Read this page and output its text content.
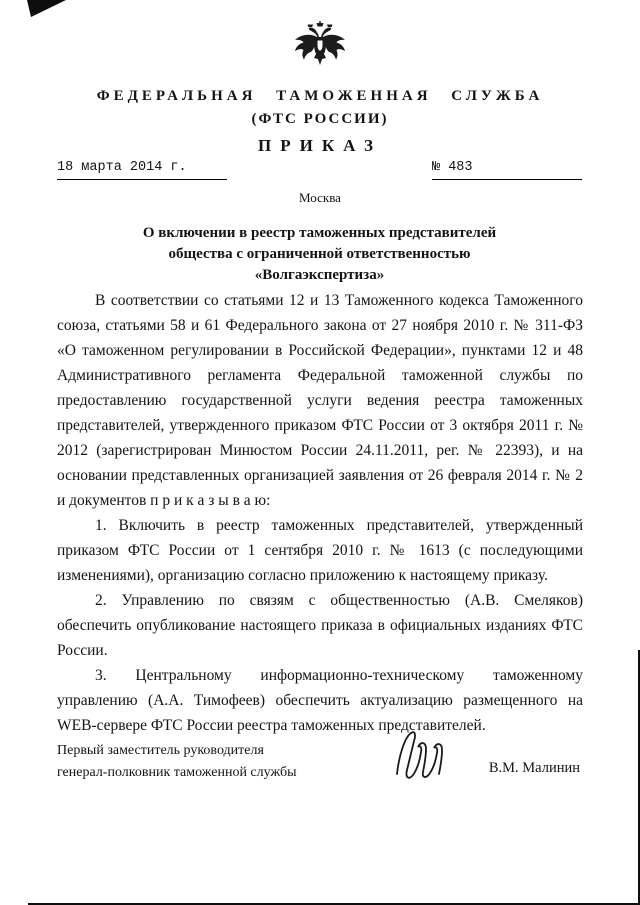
ФЕДЕРАЛЬНАЯ ТАМОЖЕННАЯ СЛУЖБА
(ФТС РОССИИ)
ПРИКАЗ
18 марта 2014 г.	№ 483
Москва
О включении в реестр таможенных представителей
общества с ограниченной ответственностью
«Волгаэкспертиза»

В соответствии со статьями 12 и 13 Таможенного кодекса Таможенного союза, статьями 58 и 61 Федерального закона от 27 ноября 2010 г. № 311-ФЗ «О таможенном регулировании в Российской Федерации», пунктами 12 и 48 Административного регламента Федеральной таможенной службы по предоставлению государственной услуги ведения реестра таможенных представителей, утвержденного приказом ФТС России от 3 октября 2011 г. № 2012 (зарегистрирован Минюстом России 24.11.2011, рег. № 22393), и на основании представленных организацией заявления от 26 февраля 2014 г. № 2 и документов п р и к а з ы в а ю:

1. Включить в реестр таможенных представителей, утвержденный приказом ФТС России от 1 сентября 2010 г. № 1613 (с последующими изменениями), организацию согласно приложению к настоящему приказу.

2. Управлению по связям с общественностью (А.В. Смеляков) обеспечить опубликование настоящего приказа в официальных изданиях ФТС России.

3. Центральному информационно-техническому таможенному управлению (А.А. Тимофеев) обеспечить актуализацию размещенного на WEB-сервере ФТС России реестра таможенных представителей.

Первый заместитель руководителя
генерал-полковник таможенной службы	В.М. Малинин
